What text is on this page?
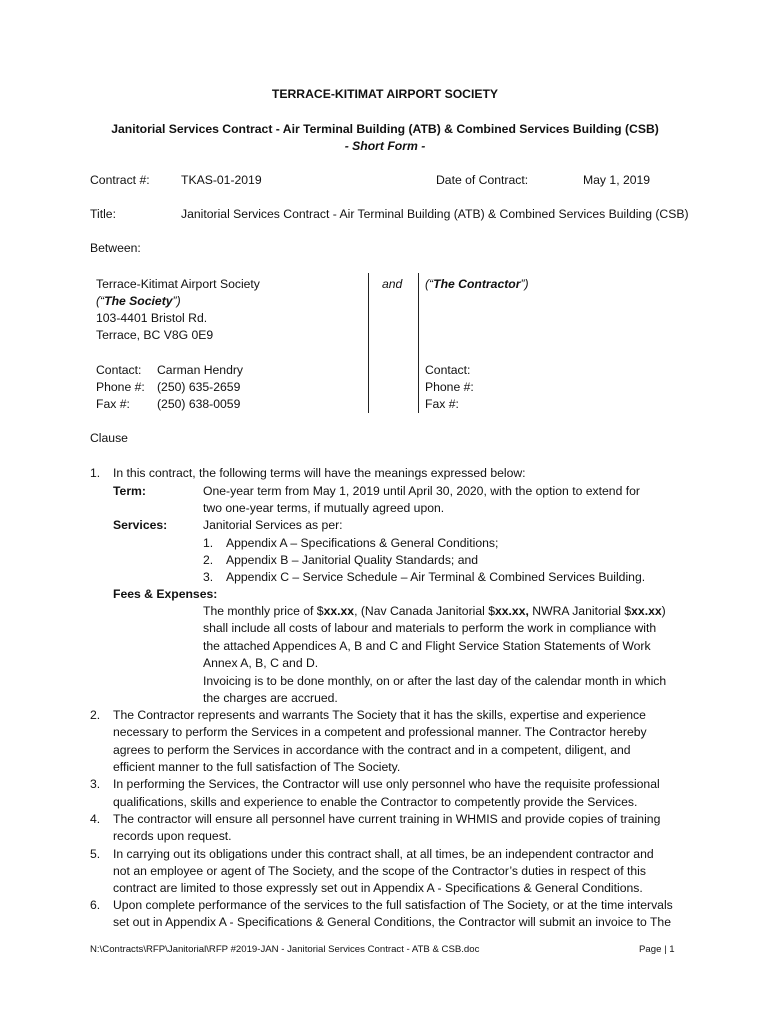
TERRACE-KITIMAT AIRPORT SOCIETY
Janitorial Services Contract - Air Terminal Building (ATB) & Combined Services Building (CSB)
- Short Form -
Contract #:	TKAS-01-2019	Date of Contract:	May 1, 2019
Title:	Janitorial Services Contract - Air Terminal Building (ATB) & Combined Services Building (CSB)
Between:
Terrace-Kitimat Airport Society
(“The Society”)
103-4401 Bristol Rd.
Terrace, BC V8G 0E9
Contact: Carman Hendry
Phone #: (250) 635-2659
Fax #: (250) 638-0059
and (“The Contractor”)
Contact:
Phone #:
Fax #:
Clause
1. In this contract, the following terms will have the meanings expressed below:
Term:	One-year term from May 1, 2019 until April 30, 2020, with the option to extend for
two one-year terms, if mutually agreed upon.
Services:	Janitorial Services as per:
1. Appendix A – Specifications & General Conditions;
2. Appendix B – Janitorial Quality Standards; and
3. Appendix C – Service Schedule – Air Terminal & Combined Services Building.
Fees & Expenses:
The monthly price of $xx.xx, (Nav Canada Janitorial $xx.xx, NWRA Janitorial $xx.xx)
shall include all costs of labour and materials to perform the work in compliance with
the attached Appendices A, B and C and Flight Service Station Statements of Work
Annex A, B, C and D.
Invoicing is to be done monthly, on or after the last day of the calendar month in which
the charges are accrued.
2. The Contractor represents and warrants The Society that it has the skills, expertise and experience
necessary to perform the Services in a competent and professional manner. The Contractor hereby
agrees to perform the Services in accordance with the contract and in a competent, diligent, and
efficient manner to the full satisfaction of The Society.
3. In performing the Services, the Contractor will use only personnel who have the requisite professional
qualifications, skills and experience to enable the Contractor to competently provide the Services.
4. The contractor will ensure all personnel have current training in WHMIS and provide copies of training
records upon request.
5. In carrying out its obligations under this contract shall, at all times, be an independent contractor and
not an employee or agent of The Society, and the scope of the Contractor’s duties in respect of this
contract are limited to those expressly set out in Appendix A - Specifications & General Conditions.
6. Upon complete performance of the services to the full satisfaction of The Society, or at the time intervals
set out in Appendix A - Specifications & General Conditions, the Contractor will submit an invoice to The
N:\Contracts\RFP\Janitorial\RFP #2019-JAN - Janitorial Services Contract - ATB & CSB.doc	Page | 1
